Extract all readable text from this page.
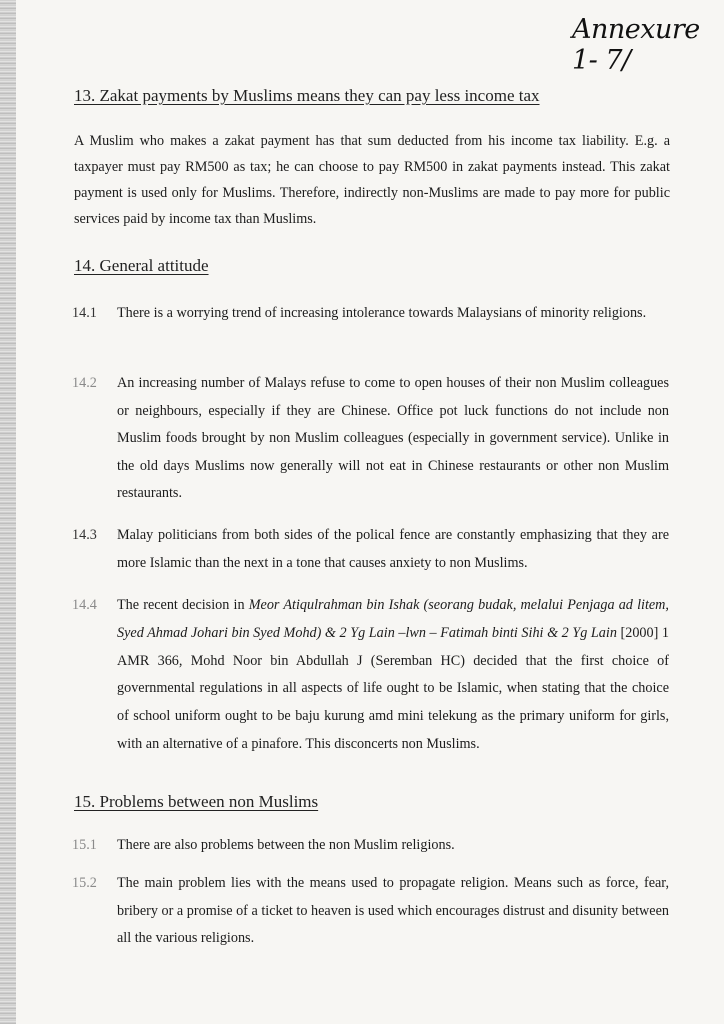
Annexure 1- 7/
13. Zakat payments by Muslims means they can pay less income tax
A Muslim who makes a zakat payment has that sum deducted from his income tax liability. E.g. a taxpayer must pay RM500 as tax; he can choose to pay RM500 in zakat payments instead. This zakat payment is used only for Muslims. Therefore, indirectly non-Muslims are made to pay more for public services paid by income tax than Muslims.
14. General attitude
14.1 There is a worrying trend of increasing intolerance towards Malaysians of minority religions.
14.2 An increasing number of Malays refuse to come to open houses of their non Muslim colleagues or neighbours, especially if they are Chinese. Office pot luck functions do not include non Muslim foods brought by non Muslim colleagues (especially in government service). Unlike in the old days Muslims now generally will not eat in Chinese restaurants or other non Muslim restaurants.
14.3 Malay politicians from both sides of the polical fence are constantly emphasizing that they are more Islamic than the next in a tone that causes anxiety to non Muslims.
14.4 The recent decision in Meor Atiqulrahman bin Ishak (seorang budak, melalui Penjaga ad litem, Syed Ahmad Johari bin Syed Mohd) & 2 Yg Lain –lwn – Fatimah binti Sihi & 2 Yg Lain [2000] 1 AMR 366, Mohd Noor bin Abdullah J (Seremban HC) decided that the first choice of governmental regulations in all aspects of life ought to be Islamic, when stating that the choice of school uniform ought to be baju kurung amd mini telekung as the primary uniform for girls, with an alternative of a pinafore. This disconcerts non Muslims.
15. Problems between non Muslims
15.1 There are also problems between the non Muslim religions.
15.2 The main problem lies with the means used to propagate religion. Means such as force, fear, bribery or a promise of a ticket to heaven is used which encourages distrust and disunity between all the various religions.
